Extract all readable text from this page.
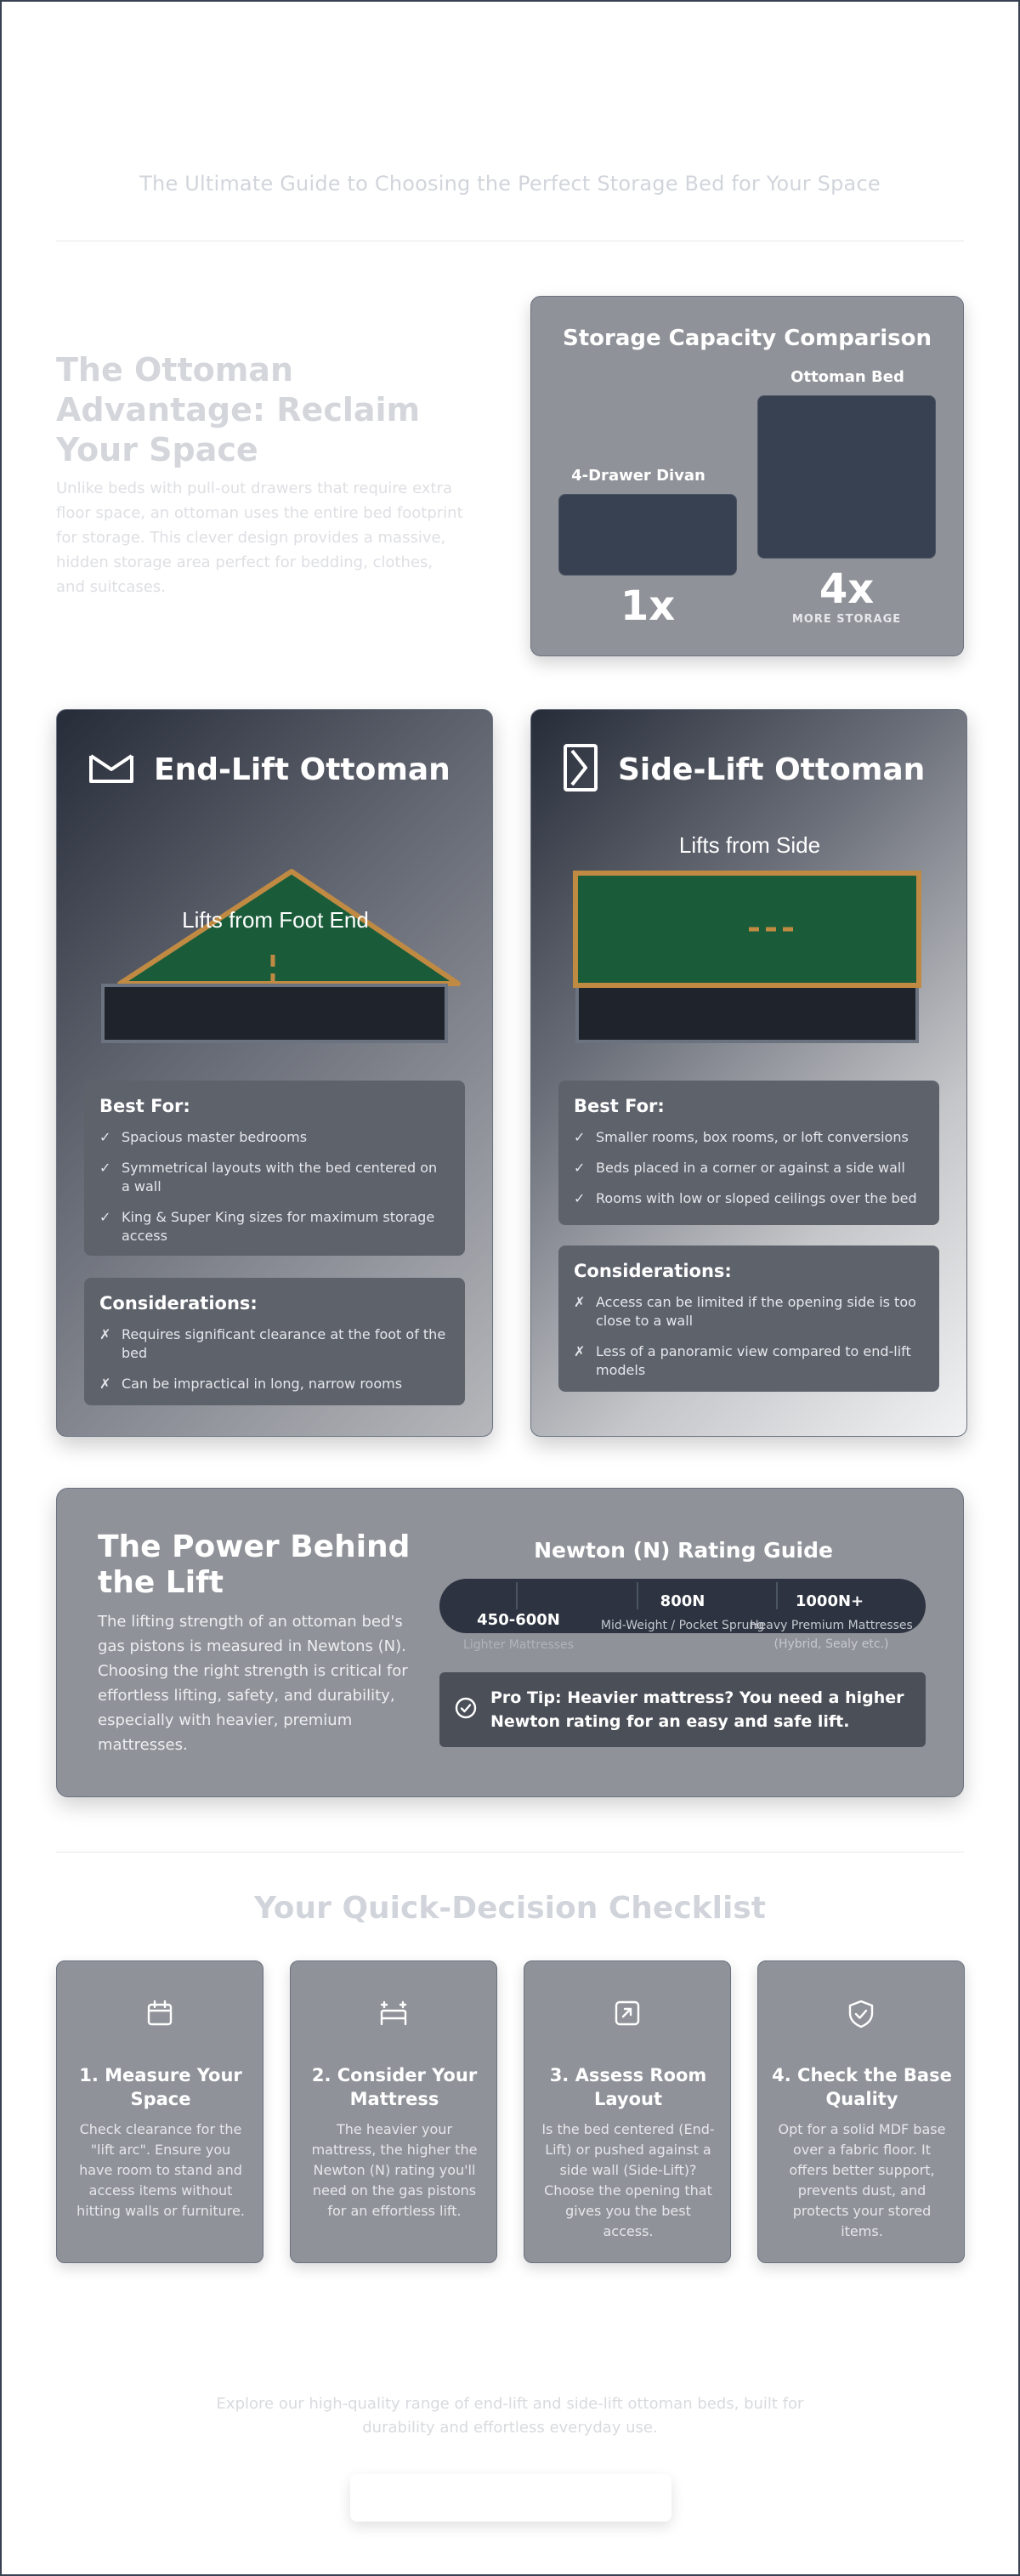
The Ultimate Guide to Choosing the Perfect Storage Bed for Your Space
The Ottoman Advantage: Reclaim Your Space
Unlike beds with pull-out drawers that require extra floor space, an ottoman uses the entire bed footprint for storage. This clever design provides a massive, hidden storage area perfect for bedding, clothes, and suitcases.
Storage Capacity Comparison
4-Drawer Divan
1x
Ottoman Bed
4x
MORE STORAGE
End-Lift Ottoman
Lifts from Foot End
Best For:
✓ Spacious master bedrooms
✓ Symmetrical layouts with the bed centered on a wall
✓ King & Super King sizes for maximum storage access
Considerations:
✗ Requires significant clearance at the foot of the bed
✗ Can be impractical in long, narrow rooms
Side-Lift Ottoman
Lifts from Side
Best For:
✓ Smaller rooms, box rooms, or loft conversions
✓ Beds placed in a corner or against a side wall
✓ Rooms with low or sloped ceilings over the bed
Considerations:
✗ Access can be limited if the opening side is too close to a wall
✗ Less of a panoramic view compared to end-lift models
The Power Behind the Lift

The lifting strength of an ottoman bed's gas pistons is measured in Newtons (N). Choosing the right strength is critical for effortless lifting, safety, and durability, especially with heavier, premium mattresses.

Newton (N) Rating Guide
450-600N
Lighter Mattresses
800N
Mid-Weight / Pocket Sprung
1000N+
Heavy Premium Mattresses (Hybrid, Sealy etc.)
Pro Tip: Heavier mattress? You need a higher Newton rating for an easy and safe lift.
Your Quick-Decision Checklist
1. Measure Your Space

Check clearance for the "lift arc". Ensure you have room to stand and access items without hitting walls or furniture.

2. Consider Your Mattress

The heavier your mattress, the higher the Newton (N) rating you'll need on the gas pistons for an effortless lift.

3. Assess Room Layout

Is the bed centered (End-Lift) or pushed against a side wall (Side-Lift)? Choose the opening that gives you the best access.

4. Check the Base Quality

Opt for a solid MDF base over a fabric floor. It offers better support, prevents dust, and protects your stored items.

Explore our high-quality range of end-lift and side-lift ottoman beds, built for durability and effortless everyday use.
